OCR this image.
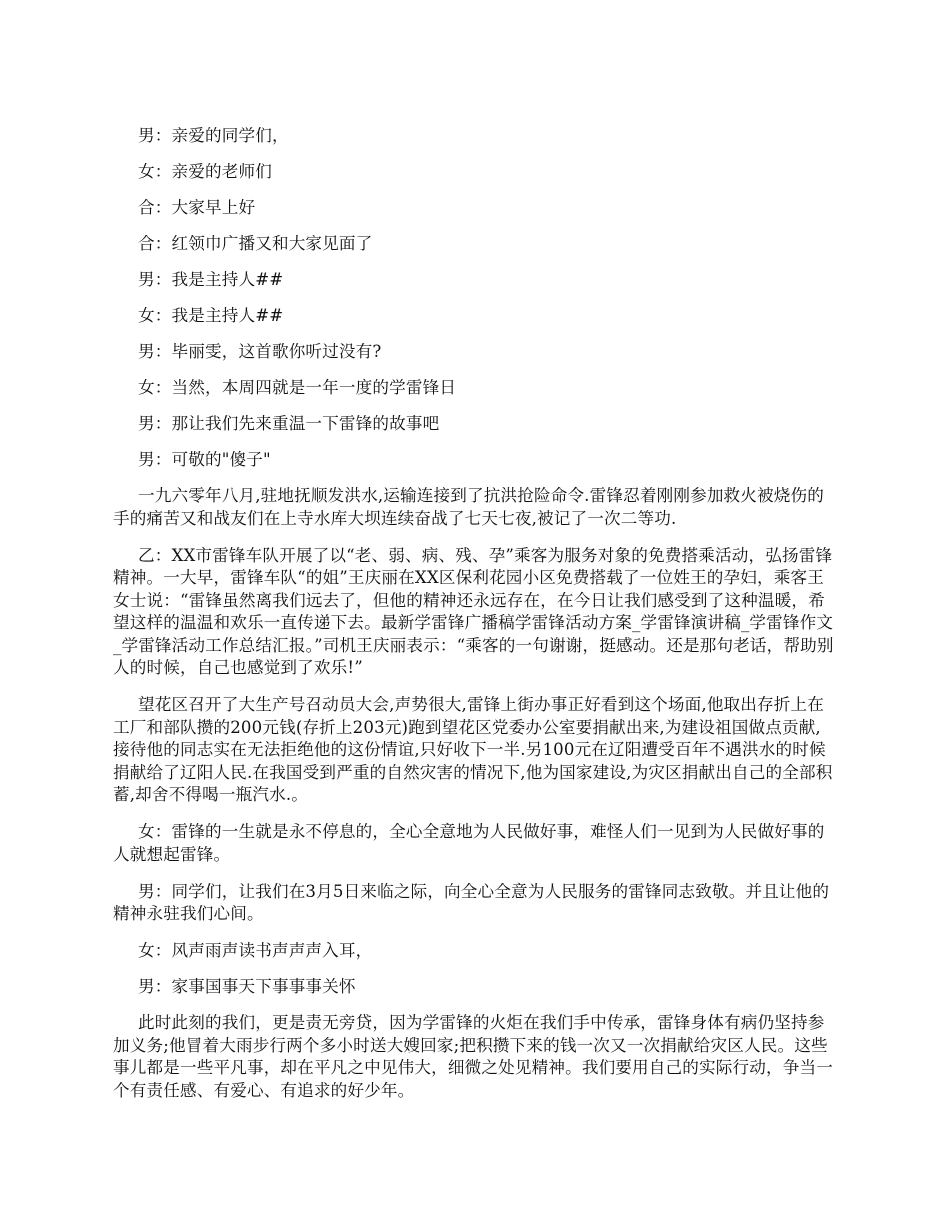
男：亲爱的同学们，

女：亲爱的老师们

合：大家早上好

合：红领巾广播又和大家见面了

男：我是主持人##

女：我是主持人##

男：毕丽雯，这首歌你听过没有?

女：当然，本周四就是一年一度的学雷锋日

男：那让我们先来重温一下雷锋的故事吧

男：可敬的"傻子"

一九六零年八月,驻地抚顺发洪水,运输连接到了抗洪抢险命令.雷锋忍着刚刚参加救火被烧伤的手的痛苦又和战友们在上寺水库大坝连续奋战了七天七夜,被记了一次二等功.

乙：XX市雷锋车队开展了以“老、弱、病、残、孕”乘客为服务对象的免费搭乘活动，弘扬雷锋精神。一大早，雷锋车队“的姐”王庆丽在XX区保利花园小区免费搭载了一位姓王的孕妇，乘客王女士说：“雷锋虽然离我们远去了，但他的精神还永远存在，在今日让我们感受到了这种温暖，希望这样的温温和欢乐一直传递下去。最新学雷锋广播稿学雷锋活动方案_学雷锋演讲稿_学雷锋作文_学雷锋活动工作总结汇报。”司机王庆丽表示：“乘客的一句谢谢，挺感动。还是那句老话，帮助别人的时候，自己也感觉到了欢乐!”

望花区召开了大生产号召动员大会,声势很大,雷锋上街办事正好看到这个场面,他取出存折上在工厂和部队攒的200元钱(存折上203元)跑到望花区党委办公室要捐献出来,为建设祖国做点贡献,接待他的同志实在无法拒绝他的这份情谊,只好收下一半.另100元在辽阳遭受百年不遇洪水的时候捐献给了辽阳人民.在我国受到严重的自然灾害的情况下,他为国家建设,为灾区捐献出自己的全部积蓄,却舍不得喝一瓶汽水.。

女：雷锋的一生就是永不停息的，全心全意地为人民做好事，难怪人们一见到为人民做好事的人就想起雷锋。

男：同学们，让我们在3月5日来临之际，向全心全意为人民服务的雷锋同志致敬。并且让他的精神永驻我们心间。

女：风声雨声读书声声声入耳，

男：家事国事天下事事事关怀

此时此刻的我们，更是责无旁贷，因为学雷锋的火炬在我们手中传承，雷锋身体有病仍坚持参加义务;他冒着大雨步行两个多小时送大嫂回家;把积攒下来的钱一次又一次捐献给灾区人民。这些事儿都是一些平凡事，却在平凡之中见伟大，细微之处见精神。我们要用自己的实际行动，争当一个有责任感、有爱心、有追求的好少年。
